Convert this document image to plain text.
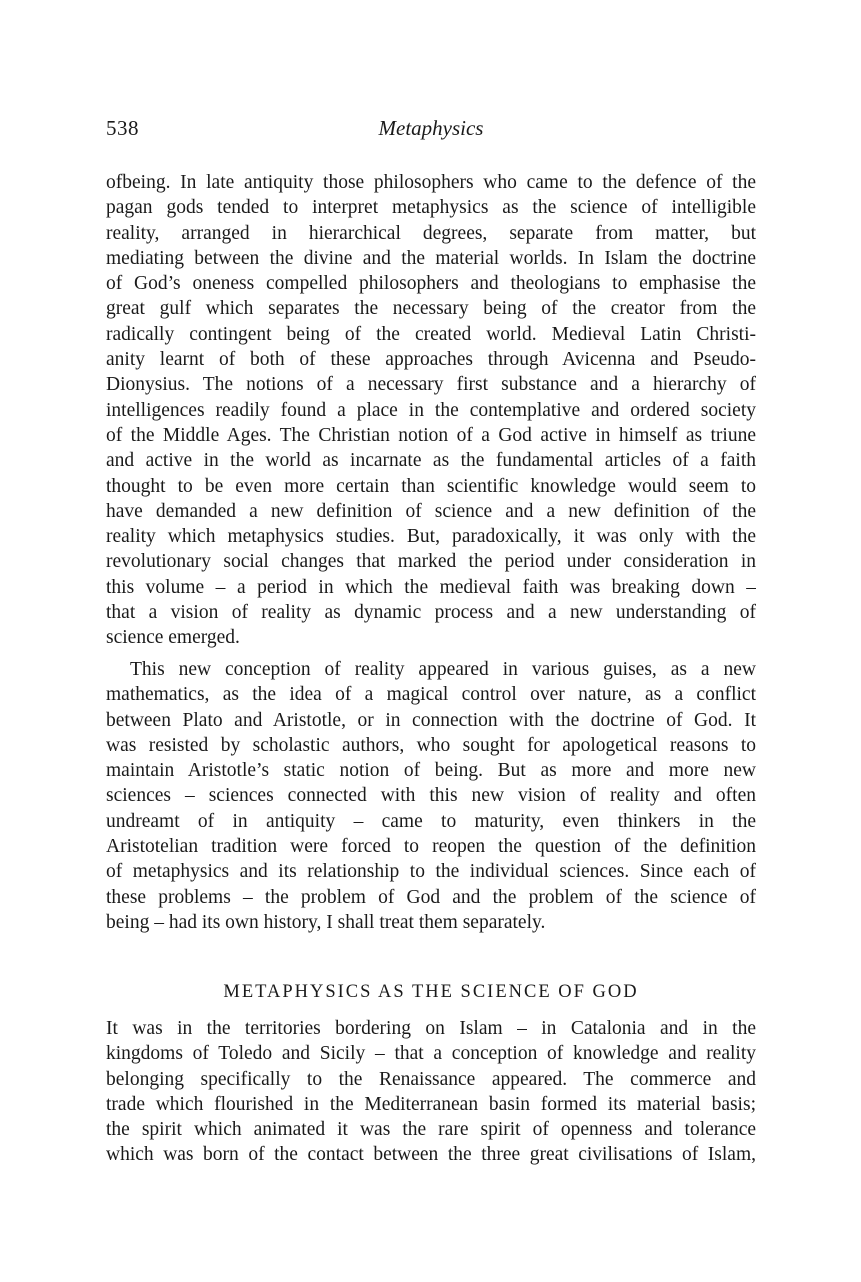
538	Metaphysics
ofbeing. In late antiquity those philosophers who came to the defence of the
pagan gods tended to interpret metaphysics as the science of intelligible
reality, arranged in hierarchical degrees, separate from matter, but
mediating between the divine and the material worlds. In Islam the doctrine
of God’s oneness compelled philosophers and theologians to emphasise the
great gulf which separates the necessary being of the creator from the
radically contingent being of the created world. Medieval Latin Christi-
anity learnt of both of these approaches through Avicenna and Pseudo-
Dionysius. The notions of a necessary first substance and a hierarchy of
intelligences readily found a place in the contemplative and ordered society
of the Middle Ages. The Christian notion of a God active in himself as triune
and active in the world as incarnate as the fundamental articles of a faith
thought to be even more certain than scientific knowledge would seem to
have demanded a new definition of science and a new definition of the
reality which metaphysics studies. But, paradoxically, it was only with the
revolutionary social changes that marked the period under consideration in
this volume – a period in which the medieval faith was breaking down –
that a vision of reality as dynamic process and a new understanding of
science emerged.
This new conception of reality appeared in various guises, as a new
mathematics, as the idea of a magical control over nature, as a conflict
between Plato and Aristotle, or in connection with the doctrine of God. It
was resisted by scholastic authors, who sought for apologetical reasons to
maintain Aristotle’s static notion of being. But as more and more new
sciences – sciences connected with this new vision of reality and often
undreamt of in antiquity – came to maturity, even thinkers in the
Aristotelian tradition were forced to reopen the question of the definition
of metaphysics and its relationship to the individual sciences. Since each of
these problems – the problem of God and the problem of the science of
being – had its own history, I shall treat them separately.
METAPHYSICS AS THE SCIENCE OF GOD
It was in the territories bordering on Islam – in Catalonia and in the
kingdoms of Toledo and Sicily – that a conception of knowledge and reality
belonging specifically to the Renaissance appeared. The commerce and
trade which flourished in the Mediterranean basin formed its material basis;
the spirit which animated it was the rare spirit of openness and tolerance
which was born of the contact between the three great civilisations of Islam,
